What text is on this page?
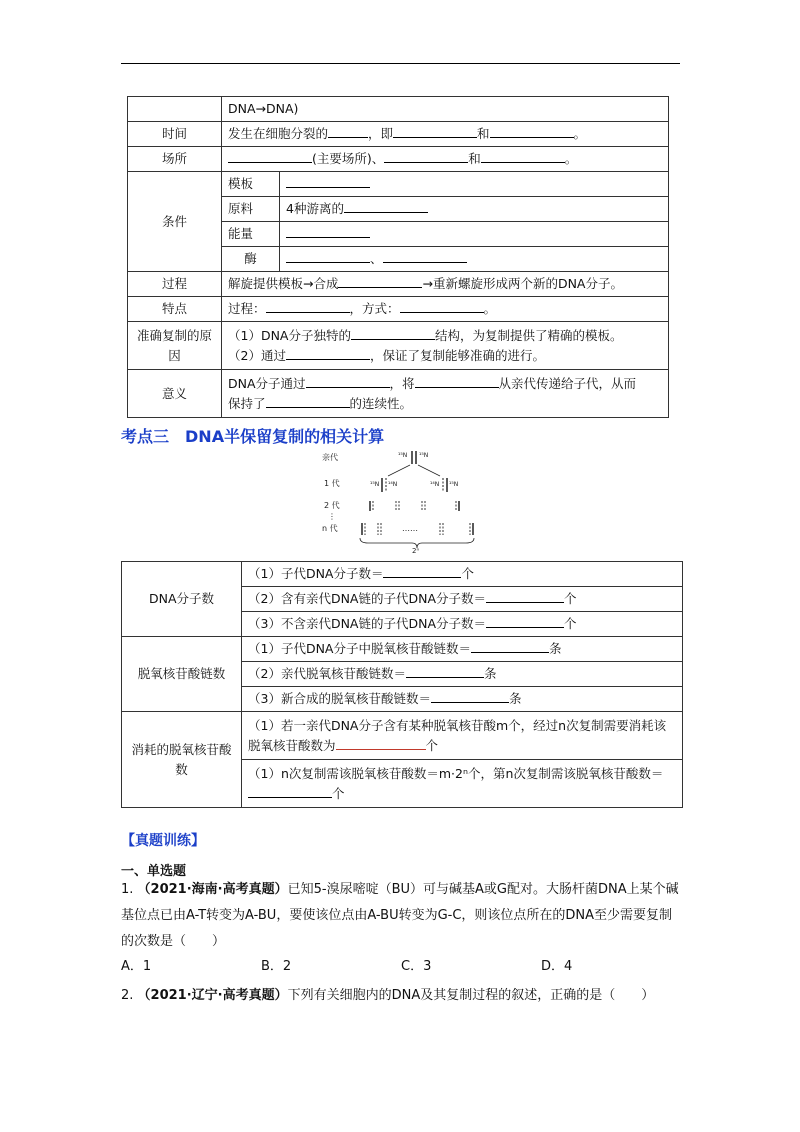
	DNA→DNA)	
时间	发生在细胞分裂的 ，即 和 。	
场所	(主要场所)、 和 。	
条件	模板	
	原料	4种游离的
	能量	
	酶	、
过程	解旋提供模板→合成 →重新螺旋形成两个新的DNA分子。	
特点	过程： ，方式： 。	
准确复制的原因	（1）DNA分子独特的 结构，为复制提供了精确的模板。
（2）通过 ，保证了复制能够准确的进行。	

意义	DNA分子通过 ，将 从亲代传递给子代，从而
保持了 的连续性。	
考点三 DNA半保留复制的相关计算
亲代
1 代
2 代
⋮
n 代
¹⁵N ¹⁵N
¹⁵N ¹⁴N	¹⁴N ¹⁵N
……
2ⁿ
DNA分子数	（1）子代DNA分子数＝ 个
	（2）含有亲代DNA链的子代DNA分子数＝ 个
	（3）不含亲代DNA链的子代DNA分子数＝ 个
脱氧核苷酸链数	（1）子代DNA分子中脱氧核苷酸链数＝ 条
	（2）亲代脱氧核苷酸链数＝ 条
	（3）新合成的脱氧核苷酸链数＝ 条
消耗的脱氧核苷酸数	（1）若一亲代DNA分子含有某种脱氧核苷酸m个，经过n次复制需要消耗该脱氧核苷酸数为 个
	（1）n次复制需该脱氧核苷酸数＝m·2ⁿ个，第n次复制需该脱氧核苷酸数＝个
【真题训练】
一、单选题
1. （2021·海南·高考真题）已知5-溴尿嘧啶（BU）可与碱基A或G配对。大肠杆菌DNA上某个碱基位点已由A-T转变为A-BU，要使该位点由A-BU转变为G-C，则该位点所在的DNA至少需要复制的次数是（　　）
A．1	B．2	C．3	D．4
2. （2021·辽宁·高考真题）下列有关细胞内的DNA及其复制过程的叙述，正确的是（　　）
